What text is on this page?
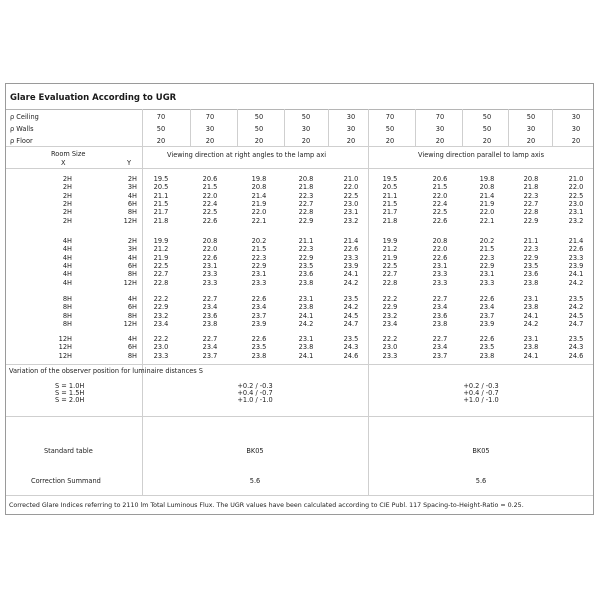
Glare Evaluation According to UGR
Room Size
X	Y
Viewing direction at right angles to the lamp axi	Viewing direction parallel to lamp axis
ρ Ceiling	70	70	50	50	30	70	70	50	50	30
ρ Walls	50	30	50	30	30	50	30	50	30	30
ρ Floor	20	20	20	20	20	20	20	20	20	20
2H	2H	19.5	20.6	19.8	20.8	21.0	19.5	20.6	19.8	20.8	21.0
2H	3H	20.5	21.5	20.8	21.8	22.0	20.5	21.5	20.8	21.8	22.0
2H	4H	21.1	22.0	21.4	22.3	22.5	21.1	22.0	21.4	22.3	22.5
2H	6H	21.5	22.4	21.9	22.7	23.0	21.5	22.4	21.9	22.7	23.0
2H	8H	21.7	22.5	22.0	22.8	23.1	21.7	22.5	22.0	22.8	23.1
2H	12H	21.8	22.6	22.1	22.9	23.2	21.8	22.6	22.1	22.9	23.2
4H	2H	19.9	20.8	20.2	21.1	21.4	19.9	20.8	20.2	21.1	21.4
4H	3H	21.2	22.0	21.5	22.3	22.6	21.2	22.0	21.5	22.3	22.6
4H	4H	21.9	22.6	22.3	22.9	23.3	21.9	22.6	22.3	22.9	23.3
4H	6H	22.5	23.1	22.9	23.5	23.9	22.5	23.1	22.9	23.5	23.9
4H	8H	22.7	23.3	23.1	23.6	24.1	22.7	23.3	23.1	23.6	24.1
4H	12H	22.8	23.3	23.3	23.8	24.2	22.8	23.3	23.3	23.8	24.2
8H	4H	22.2	22.7	22.6	23.1	23.5	22.2	22.7	22.6	23.1	23.5
8H	6H	22.9	23.4	23.4	23.8	24.2	22.9	23.4	23.4	23.8	24.2
8H	8H	23.2	23.6	23.7	24.1	24.5	23.2	23.6	23.7	24.1	24.5
8H	12H	23.4	23.8	23.9	24.2	24.7	23.4	23.8	23.9	24.2	24.7
12H	4H	22.2	22.7	22.6	23.1	23.5	22.2	22.7	22.6	23.1	23.5
12H	6H	23.0	23.4	23.5	23.8	24.3	23.0	23.4	23.5	23.8	24.3
12H	8H	23.3	23.7	23.8	24.1	24.6	23.3	23.7	23.8	24.1	24.6
S = 1.0H	+0.2 / -0.3	+0.2 / -0.3
S = 1.5H	+0.4 / -0.7	+0.4 / -0.7
S = 2.0H	+1.0 / -1.0	+1.0 / -1.0
Variation of the observer position for luminaire distances S
Standard table	BK05	BK05
Correction Summand	5.6	5.6
Corrected Glare Indices referring to 2110 lm Total Luminous Flux. The UGR values have been calculated according to CIE Publ. 117 Spacing-to-Height-Ratio = 0.25.
